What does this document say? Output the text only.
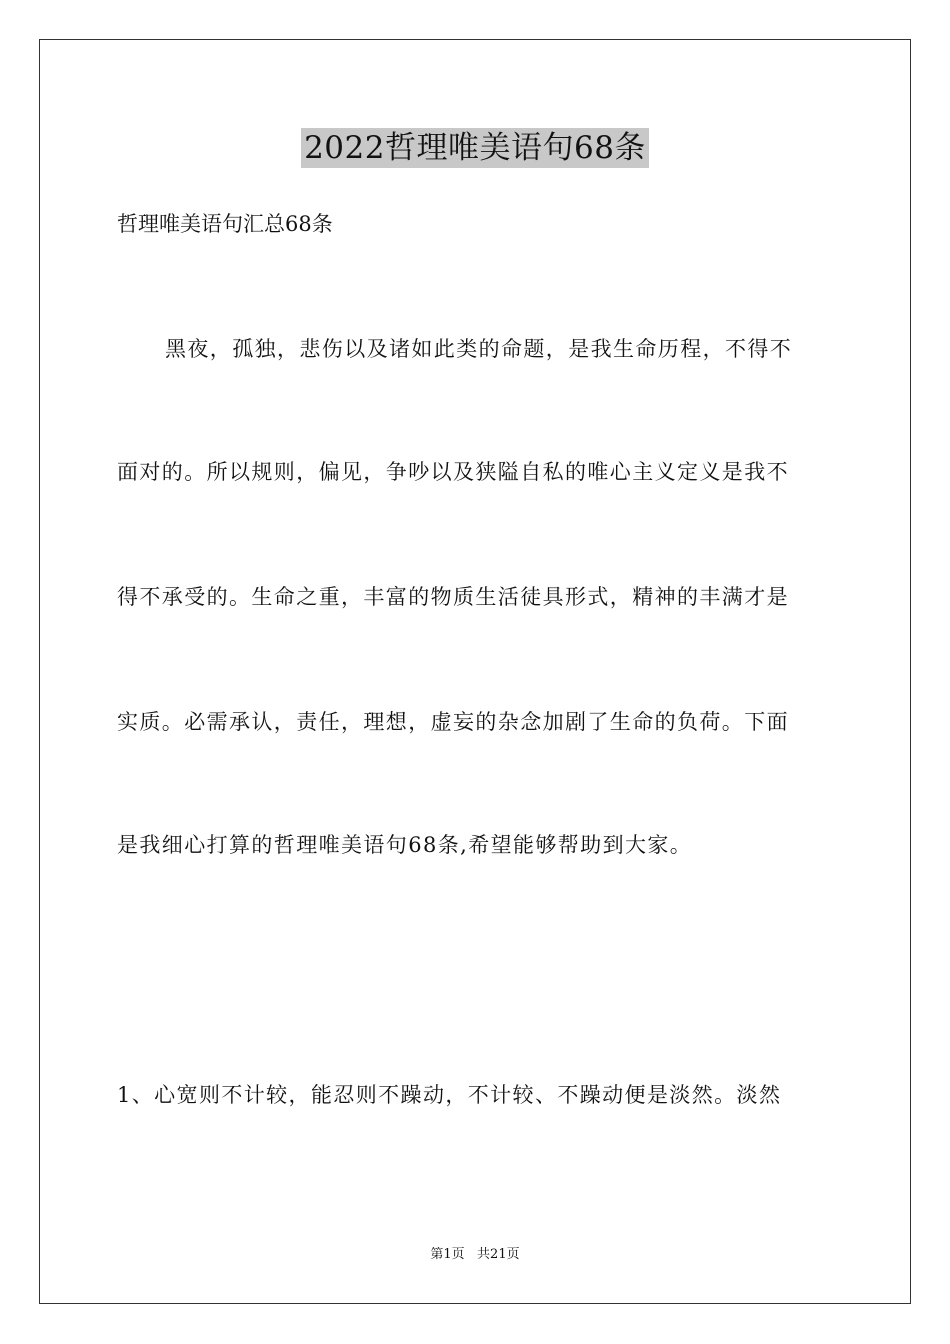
2022哲理唯美语句68条
哲理唯美语句汇总68条
黑夜，孤独，悲伤以及诸如此类的命题，是我生命历程，不得不
面对的。所以规则，偏见，争吵以及狭隘自私的唯心主义定义是我不
得不承受的。生命之重，丰富的物质生活徒具形式，精神的丰满才是
实质。必需承认，责任，理想，虚妄的杂念加剧了生命的负荷。下面
是我细心打算的哲理唯美语句68条,希望能够帮助到大家。
1、心宽则不计较，能忍则不躁动，不计较、不躁动便是淡然。淡然
第1页   共21页
